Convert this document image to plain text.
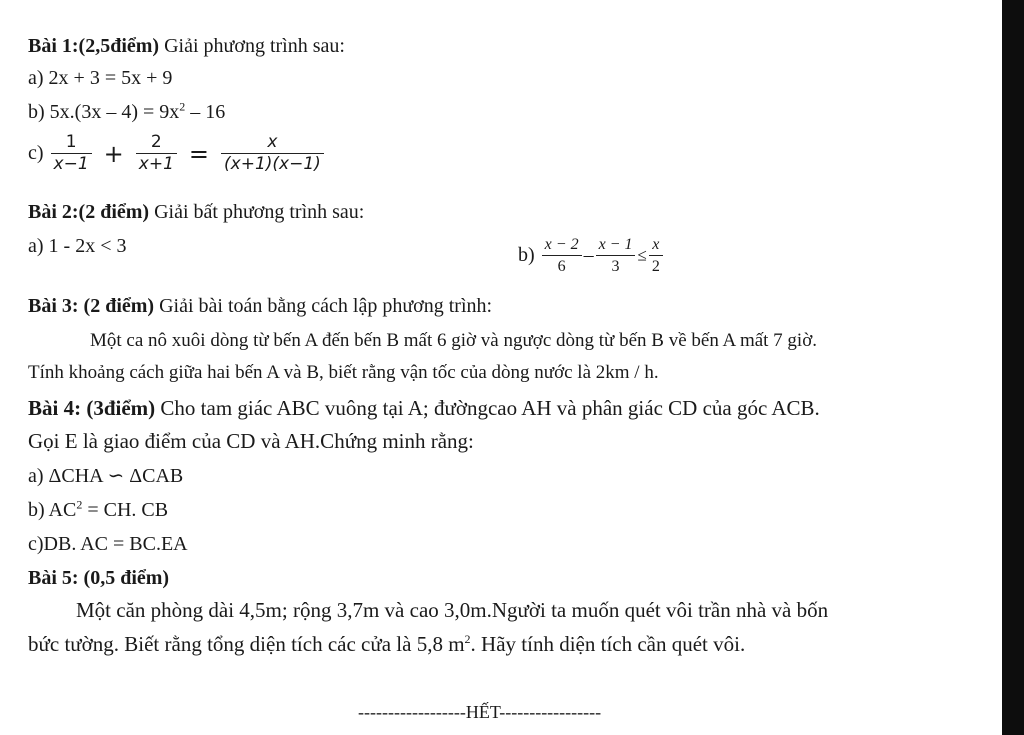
Bài 1:(2,5điểm) Giải phương trình sau:
a) 2x + 3 = 5x + 9
b) $5x.(3x - 4) = 9x^2 - 16$
$c) \frac{1}{x-1} + \frac{2}{x+1} = \frac{x}{(x+1)(x-1)}$
Bài 2:(2 điểm) Giải bất phương trình sau:
a) 1 - 2x < 3	$b) \frac{x - 2}{6} - \frac{x - 1}{3} \le \frac{x}{2}$
Bài 3: (2 điểm) Giải bài toán bằng cách lập phương trình:
Một ca nô xuôi dòng từ bến A đến bến B mất 6 giờ và ngược dòng từ bến B về bến A mất 7 giờ.
Tính khoảng cách giữa hai bến A và B, biết rằng vận tốc của dòng nước là 2km / h.
Bài 4: (3điểm) Cho tam giác ABC vuông tại A; đườngcao AH và phân giác CD của góc ACB.
Gọi E là giao điểm của CD và AH.Chứng minh rằng:
a) ΔCHA ∽ ΔCAB
b) $AC^2$ = CH. CB
c)DB. AC = BC.EA
Bài 5: (0,5 điểm)
Một căn phòng dài 4,5m; rộng 3,7m và cao 3,0m.Người ta muốn quét vôi trần nhà và bốn
bức tường. Biết rằng tổng diện tích các cửa là 5,8 $m^2$. Hãy tính diện tích cần quét vôi.
------------------HẾT-----------------
